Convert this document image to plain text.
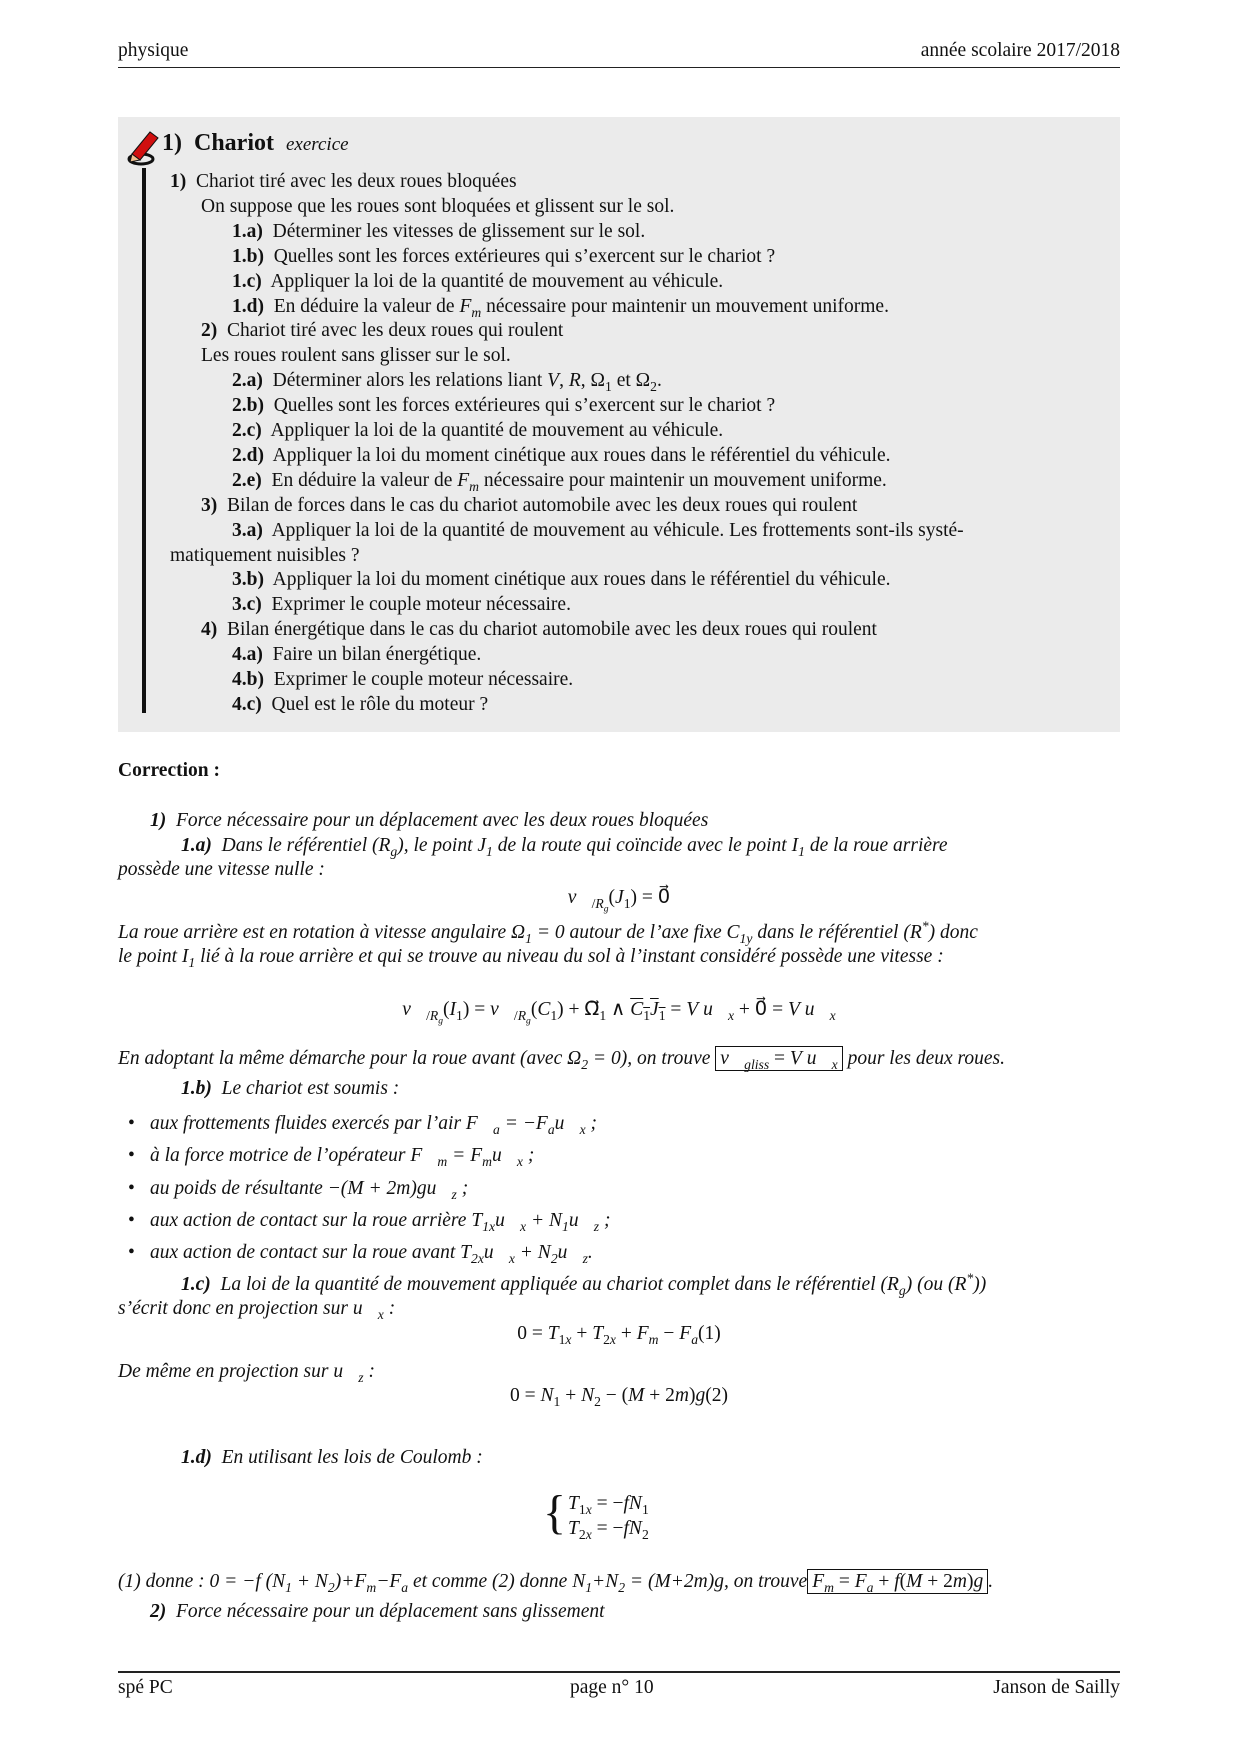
physique	année scolaire 2017/2018
1) Chariot exercice
1) Chariot tiré avec les deux roues bloquées
On suppose que les roues sont bloquées et glissent sur le sol.
1.a) Déterminer les vitesses de glissement sur le sol.
1.b) Quelles sont les forces extérieures qui s’exercent sur le chariot ?
1.c) Appliquer la loi de la quantité de mouvement au véhicule.
1.d) En déduire la valeur de $F_m$ nécessaire pour maintenir un mouvement uniforme.
2) Chariot tiré avec les deux roues qui roulent
Les roues roulent sans glisser sur le sol.
2.a) Déterminer alors les relations liant V, R, $\Omega_1$ et $\Omega_2$.
2.b) Quelles sont les forces extérieures qui s’exercent sur le chariot ?
2.c) Appliquer la loi de la quantité de mouvement au véhicule.
2.d) Appliquer la loi du moment cinétique aux roues dans le référentiel du véhicule.
2.e) En déduire la valeur de $F_m$ nécessaire pour maintenir un mouvement uniforme.
3) Bilan de forces dans le cas du chariot automobile avec les deux roues qui roulent
3.a) Appliquer la loi de la quantité de mouvement au véhicule. Les frottements sont-ils systé-
matiquement nuisibles ?
3.b) Appliquer la loi du moment cinétique aux roues dans le référentiel du véhicule.
3.c) Exprimer le couple moteur nécessaire.
4) Bilan énergétique dans le cas du chariot automobile avec les deux roues qui roulent
4.a) Faire un bilan énergétique.
4.b) Exprimer le couple moteur nécessaire.
4.c) Quel est le rôle du moteur ?
Correction :
1) Force nécessaire pour un déplacement avec les deux roues bloquées
1.a) Dans le référentiel $(R_g)$, le point $J_1$ de la route qui coïncide avec le point $I_1$ de la roue arrière
possède une vitesse nulle :
$v⃗_{/R_g}(J_1)$ = 0⃗
La roue arrière est en rotation à vitesse angulaire $\Omega_1 = 0$ autour de l’axe fixe $C_{1y}$ dans le référentiel (R*) donc
le point $I_1$ lié à la roue arrière et qui se trouve au niveau du sol à l’instant considéré possède une vitesse :
$v⃗_{/R_g}(I_1)$ = $v⃗_{/R_g}(C_1)$ + $\Omega⃗_1$ ∧ $C_1J_1 = V$ $u⃗_x$ + 0⃗ = V $u⃗_x$
En adoptant la même démarche pour la roue avant (avec $\Omega_2 = 0$), on trouve $v⃗_{gliss} = V$ $u⃗_x$ pour les deux roues.
1.b) Le chariot est soumis :
• aux frottements fluides exercés par l’air $F⃗_a$ = $-F_au⃗_x$ ;
• à la force motrice de l’opérateur $F⃗_m$ = $F_mu⃗_x$ ;
• au poids de résultante $-(M + 2m)gu⃗_z$ ;
• aux action de contact sur la roue arrière $T_{1x}u⃗_x$ + $N_1u⃗_z$ ;
• aux action de contact sur la roue avant $T_{2x}u⃗_x$ + $N_2u⃗_z$.
1.c) La loi de la quantité de mouvement appliquée au chariot complet dans le référentiel $(R_g)$ (ou (R*))
s’écrit donc en projection sur $u⃗_x$ :
$0 = T_{1x} + T_{2x} + F_m - F_a(1)$
De même en projection sur $u⃗_z$ :
$0 = N_1 + N_2 - (M + 2m)g(2)$
1.d) En utilisant les lois de Coulomb :
{ $T_{1x} = -fN_1$
$T_{2x} = -fN_2$
(1) donne : 0 = −f $(N_1 + N_2)+F_m-F_a$ et comme (2) donne $N_1+N_2 = (M+2m)g$, on trouve $F_m = F_a + f(M + 2m)g$ .
2) Force nécessaire pour un déplacement sans glissement
spé PC	page n° 10	Janson de Sailly
